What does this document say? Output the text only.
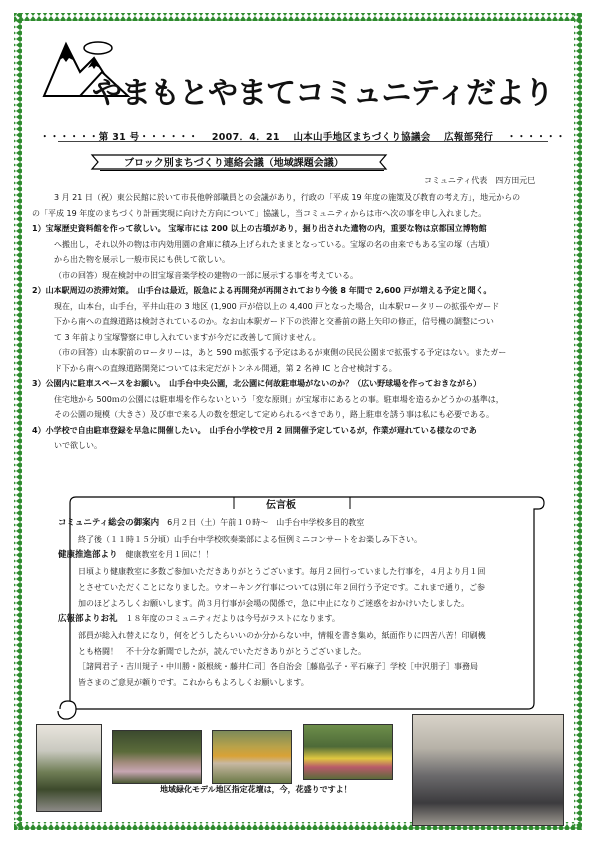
やまもとやまてコミュニティだより
・・・・・・第 31 号・・・・・・ 2007．4．21 山本山手地区まちづくり協議会 広報部発行 ・・・・・・
ブロック別まちづくり連絡会議（地域課題会議）
コミュニティ代表　四方田元巳

3 月 21 日（祝）東公民館に於いて市長他幹部職員との会議があり，行政の「平成 19 年度の施策及び教育の考え方」，地元からの

の「平成 19 年度のまちづくり計画実現に向けた方向について」協議し，当コミュニティからは市へ次の事を申し入れました。

1）宝塚歴史資料館を作って欲しい。 宝塚市には 200 以上の古墳があり，掘り出された遺物の内，重要な物は京都国立博物館

へ搬出し，それ以外の物は市内効用園の倉庫に積み上げられたままとなっている。宝塚の名の由来でもある宝の塚（古墳）

から出た物を展示し一般市民にも供して欲しい。

（市の回答）現在検討中の旧宝塚音楽学校の建物の一部に展示する事を考えている。

2）山本駅周辺の渋滞対策。　山手台は最近，阪急による再開発が再開されており今後 8 年間で 2,600 戸が増える予定と聞く。

現在，山本台，山手台，平井山荘の 3 地区 (1,900 戸が倍以上の 4,400 戸となった場合，山本駅ロータリーの拡張やガード

下から南への直線道路は検討されているのか。なお山本駅ガード下の渋滞と交番前の路上矢印の修正，信号機の調整につい

て 3 年前より宝塚警察に申し入れていますが今だに改善して頂けません。

（市の回答）山本駅前のロータリーは，あと 590 ｍ拡張する予定はあるが東側の民民公園まで拡張する予定はない。またガー

ド下から南への直線道路開発については未定だがトンネル開通，第 2 名神 IC と合せ検討する。

3）公園内に駐車スペースをお願い。　山手台中央公園，北公園に何故駐車場がないのか？（広い野球場を作っておきながら）

住宅地から 500ｍの公園には駐車場を作らないという「変な原則」が宝塚市にあるとの事。駐車場を造るかどうかの基準は，

その公園の規模（大きさ）及び車で来る人の数を想定して定められるべきであり，路上駐車を誘う事は私にも必要である。

4）小学校で自由駐車登録を早急に開催したい。　山手台小学校で月 2 回開催予定しているが，作業が遅れている様なのであ

いで欲しい。

伝言板

コミュニティ総会の御案内　6月２日（土）午前１０時～　山手台中学校多目的教室

終了後（１１時１５分頃）山手台中学校吹奏楽部による恒例ミニコンサートをお楽しみ下さい。

健康推進部より　健康教室を月１回に！！

日頃より健康教室に多数ご参加いただきありがとうございます。毎月２回行っていました行事を，４月より月１回

とさせていただくことになりました。ウオーキング行事については別に年２回行う予定です。これまで通り，ご参

加のほどよろしくお願いします。尚３月行事が会場の関係で，急に中止になりご迷惑をおかけいたしました。

広報部よりお礼　１８年度のコミュニティだよりは今号がラストになります。

部員が総入れ替えになり，何をどうしたらいいのか分からない中，情報を書き集め，紙面作りに四苦八苦！印刷機

とも格闘！　不十分な新聞でしたが，読んでいただきありがとうございました。

［諸岡君子・吉川規子・中川勝・阪根統・藤井仁司］各自治会［藤島弘子・平石麻子］学校［中沢朋子］事務局

皆さまのご意見が頼りです。これからもよろしくお願いします。

地域緑化モデル地区指定花壇は，今，花盛りですよ！
